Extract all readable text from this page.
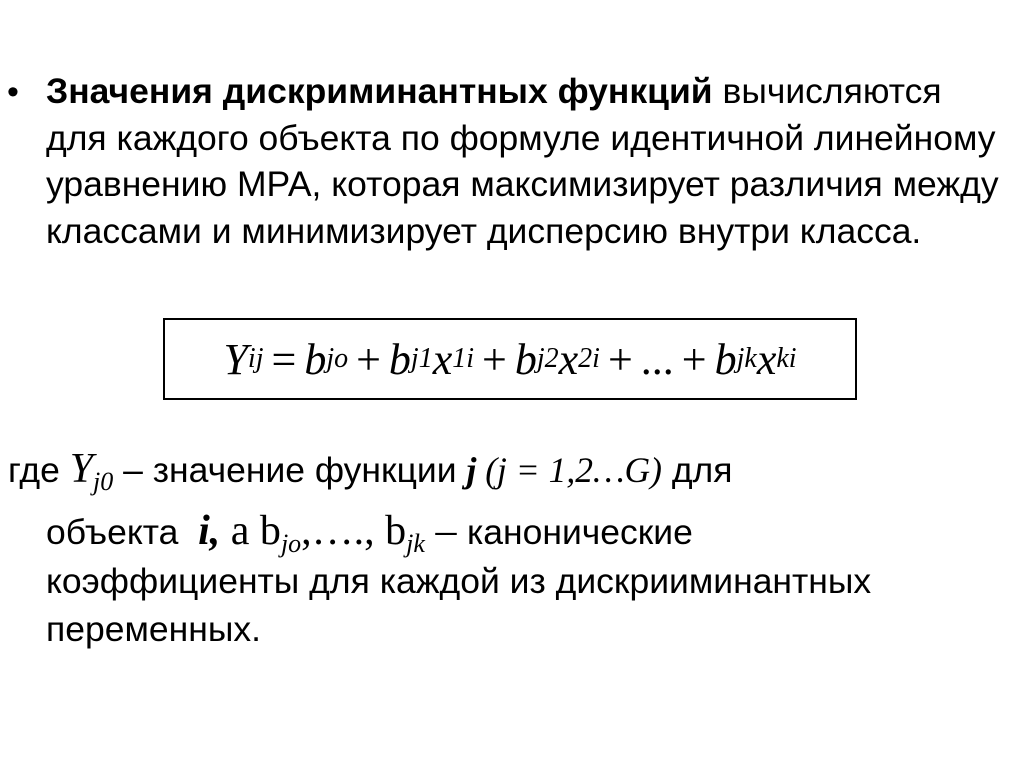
• Значения дискриминантных функций вычисляются для каждого объекта по формуле идентичной линейному уравнению МРА, которая максимизирует различия между классами и минимизирует дисперсию внутри класса.
Y ij = b jo + b j1 x 1i + b j2 x 2i + ... + b jk x ki
где $Y_{j0}$ – значение функции j (j = 1,2…G) для
объекта i, а $b_{jo},\dots$., $b_{jk}$ – канонические
коэффициенты для каждой из дискрииминантных
переменных.
